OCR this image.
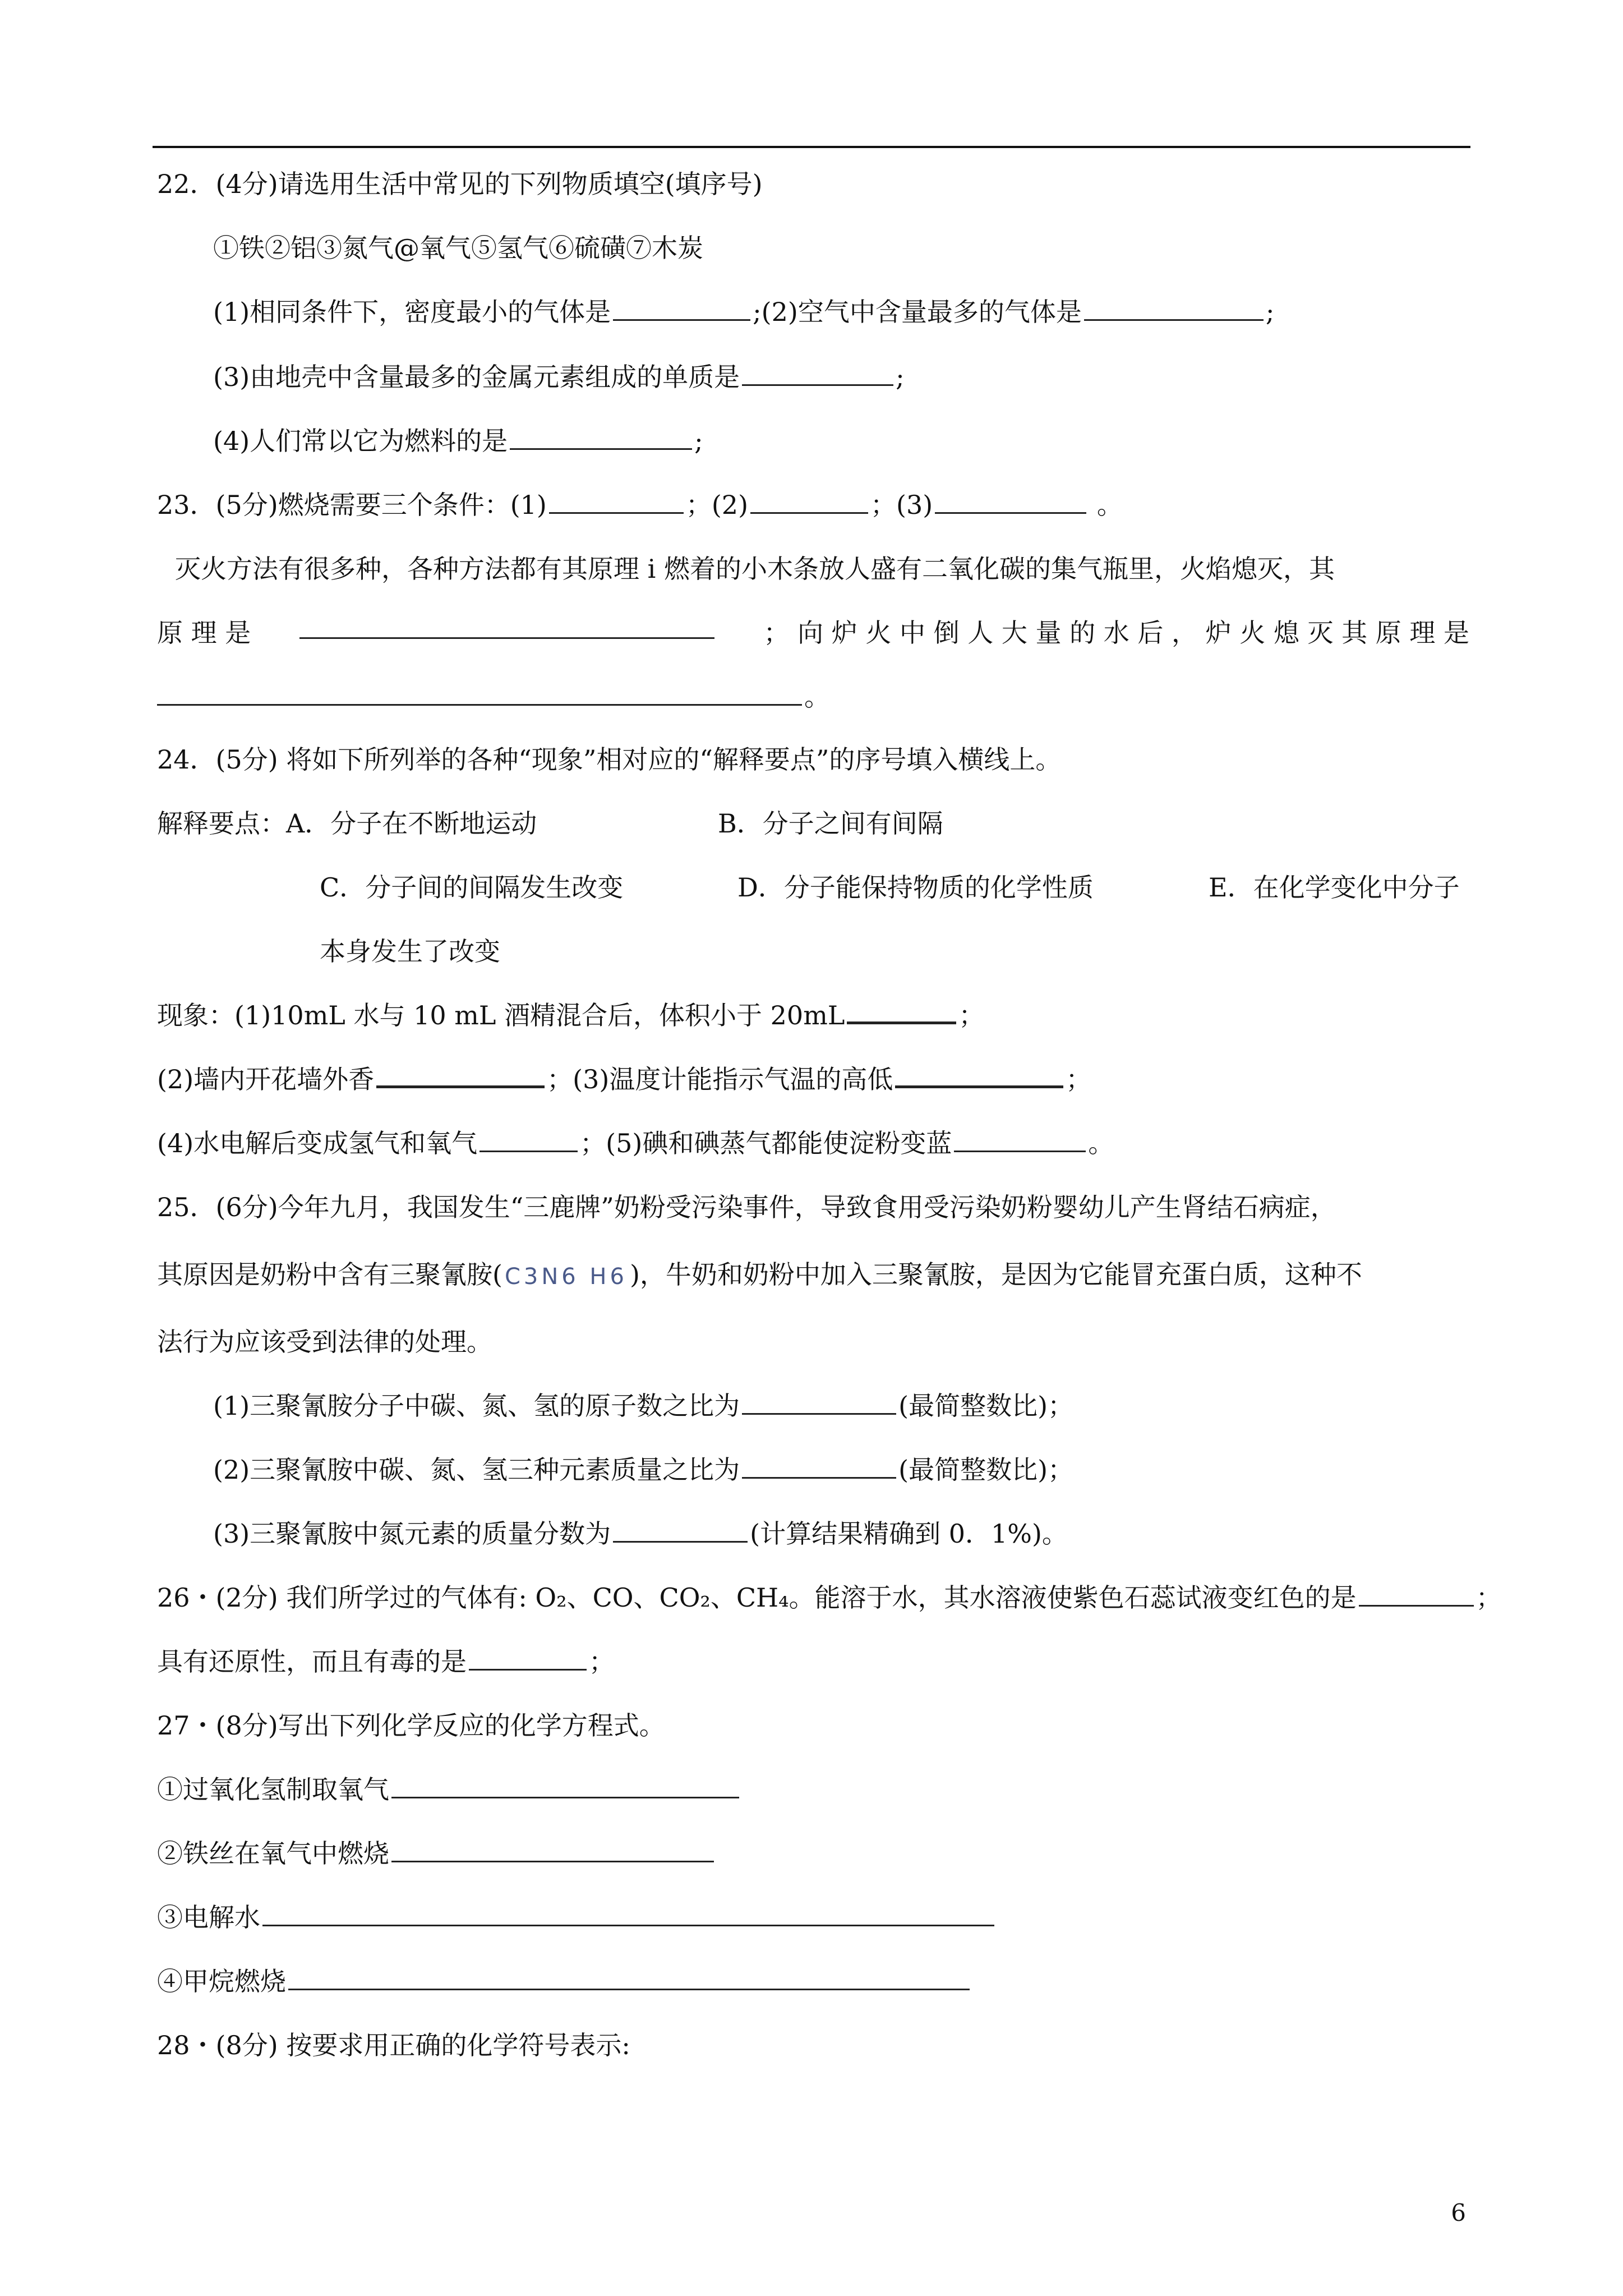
22．(4分)请选用生活中常见的下列物质填空(填序号)
①铁②铝③氮气@氧气⑤氢气⑥硫磺⑦木炭
(1)相同条件下，密度最小的气体是	;(2)空气中含量最多的气体是	;
(3)由地壳中含量最多的金属元素组成的单质是	;
(4)人们常以它为燃料的是	;
23．(5分)燃烧需要三个条件：(1)	；(2)	；(3)	。
灭火方法有很多种，各种方法都有其原理 i 燃着的小木条放人盛有二氧化碳的集气瓶里，火焰熄灭，其
原 理 是	； 向 炉 火 中 倒 人 大 量 的 水 后 ， 炉 火 熄 灭 其 原 理 是
。
24．(5分) 将如下所列举的各种“现象”相对应的“解释要点”的序号填入横线上。
解释要点：A．分子在不断地运动	B．分子之间有间隔
C．分子间的间隔发生改变	D．分子能保持物质的化学性质	E．在化学变化中分子
本身发生了改变
现象：(1)10mL 水与 10 mL 酒精混合后，体积小于 20mL	；
(2)墙内开花墙外香	；(3)温度计能指示气温的高低	；
(4)水电解后变成氢气和氧气	；(5)碘和碘蒸气都能使淀粉变蓝	。
25．(6分)今年九月，我国发生“三鹿牌”奶粉受污染事件，导致食用受污染奶粉婴幼儿产生肾结石病症，
其原因是奶粉中含有三聚氰胺( C3N6 H6)，牛奶和奶粉中加入三聚氰胺，是因为它能冒充蛋白质，这种不
法行为应该受到法律的处理。
(1)三聚氰胺分子中碳、氮、氢的原子数之比为	(最简整数比)；
(2)三聚氰胺中碳、氮、氢三种元素质量之比为	(最简整数比)；
(3)三聚氰胺中氮元素的质量分数为	(计算结果精确到 0．1%)。
26・(2分) 我们所学过的气体有: O₂、CO、CO₂、CH₄。能溶于水，其水溶液使紫色石蕊试液变红色的是	；
具有还原性，而且有毒的是	；
27・(8分)写出下列化学反应的化学方程式。
①过氧化氢制取氧气
②铁丝在氧气中燃烧
③电解水
④甲烷燃烧
28・(8分) 按要求用正确的化学符号表示:
6
